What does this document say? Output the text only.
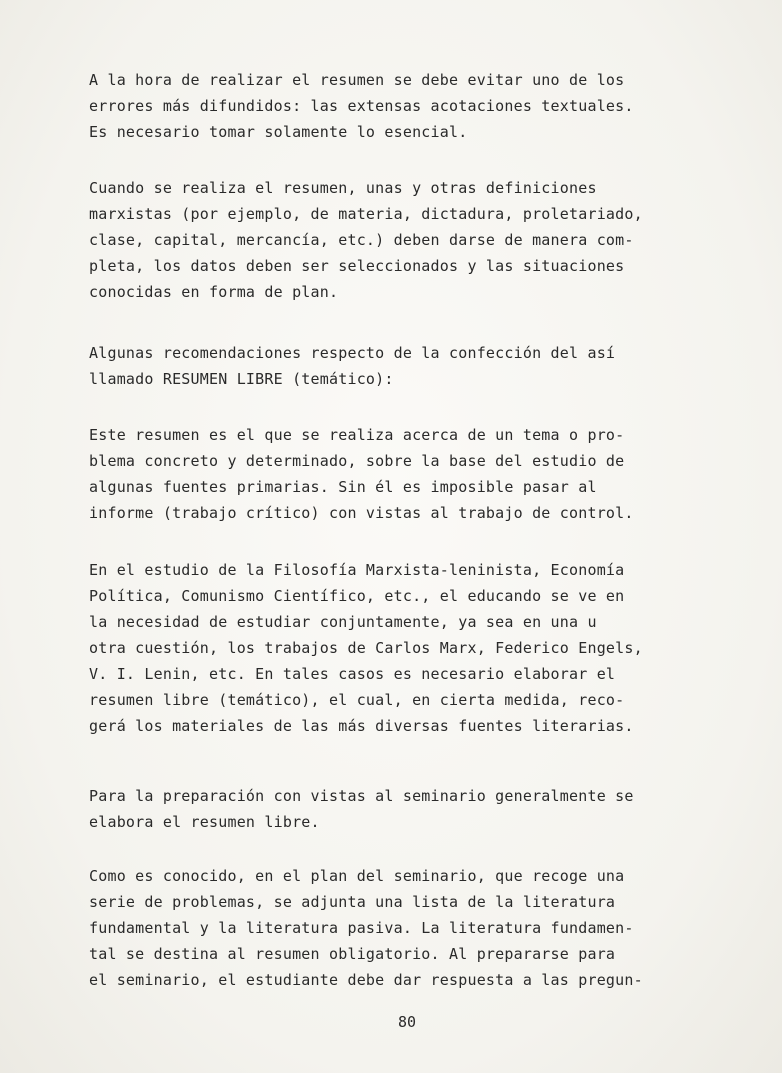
A la hora de realizar el resumen se debe evitar uno de los
errores más difundidos: las extensas acotaciones textuales.
Es necesario tomar solamente lo esencial.
Cuando se realiza el resumen, unas y otras definiciones
marxistas (por ejemplo, de materia, dictadura, proletariado,
clase, capital, mercancía, etc.) deben darse de manera com-
pleta, los datos deben ser seleccionados y las situaciones
conocidas en forma de plan.
Algunas recomendaciones respecto de la confección del así
llamado RESUMEN LIBRE (temático):
Este resumen es el que se realiza acerca de un tema o pro-
blema concreto y determinado, sobre la base del estudio de
algunas fuentes primarias. Sin él es imposible pasar al
informe (trabajo crítico) con vistas al trabajo de control.
En el estudio de la Filosofía Marxista-leninista, Economía
Política, Comunismo Científico, etc., el educando se ve en
la necesidad de estudiar conjuntamente, ya sea en una u
otra cuestión, los trabajos de Carlos Marx, Federico Engels,
V. I. Lenin, etc. En tales casos es necesario elaborar el
resumen libre (temático), el cual, en cierta medida, reco-
gerá los materiales de las más diversas fuentes literarias.
Para la preparación con vistas al seminario generalmente se
elabora el resumen libre.
Como es conocido, en el plan del seminario, que recoge una
serie de problemas, se adjunta una lista de la literatura
fundamental y la literatura pasiva. La literatura fundamen-
tal se destina al resumen obligatorio. Al prepararse para
el seminario, el estudiante debe dar respuesta a las pregun-
80
